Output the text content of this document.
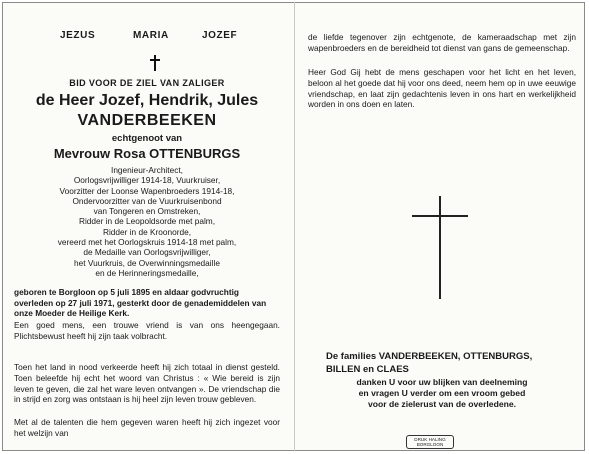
JEZUS	MARIA	JOZEF
BID VOOR DE ZIEL VAN ZALIGER
de Heer Jozef, Hendrik, Jules
VANDERBEEKEN
echtgenoot van
Mevrouw Rosa OTTENBURGS
Ingenieur-Architect,
Oorlogsvrijwilliger 1914-18, Vuurkruiser,
Voorzitter der Loonse Wapenbroeders 1914-18,
Ondervoorzitter van de Vuurkruisenbond
van Tongeren en Omstreken,
Ridder in de Leopoldsorde met palm,
Ridder in de Kroonorde,
vereerd met het Oorlogskruis 1914-18 met palm,
de Medaille van Oorlogsvrijwilliger,
het Vuurkruis, de Overwinningsmedaille
en de Herinneringsmedaille,
geboren te Borgloon op 5 juli 1895 en aldaar godvruchtig overleden op 27 juli 1971, gesterkt door de genademiddelen van onze Moeder de Heilige Kerk.
Een goed mens, een trouwe vriend is van ons heengegaan. Plichtsbewust heeft hij zijn taak volbracht.
Toen het land in nood verkeerde heeft hij zich totaal in dienst gesteld. Toen beleefde hij echt het woord van Christus : « Wie bereid is zijn leven te geven, die zal het ware leven ontvangen ». De vriendschap die in strijd en zorg was ontstaan is hij heel zijn leven trouw gebleven.
Met al de talenten die hem gegeven waren heeft hij zich ingezet voor het welzijn van
de liefde tegenover zijn echtgenote, de kameraadschap met zijn wapenbroeders en de bereidheid tot dienst van gans de gemeenschap.
Heer God Gij hebt de mens geschapen voor het licht en het leven, beloon al het goede dat hij voor ons deed, neem hem op in uwe eeuwige vriendschap, en laat zijn gedachtenis leven in ons hart en werkelijkheid worden in ons doen en laten.
De families VANDERBEEKEN, OTTENBURGS,
BILLEN en CLAES
danken U voor uw blijken van deelneming
en vragen U verder om een vroom gebed
voor de zielerust van de overledene.
DRUK HALING
BORGLOON
